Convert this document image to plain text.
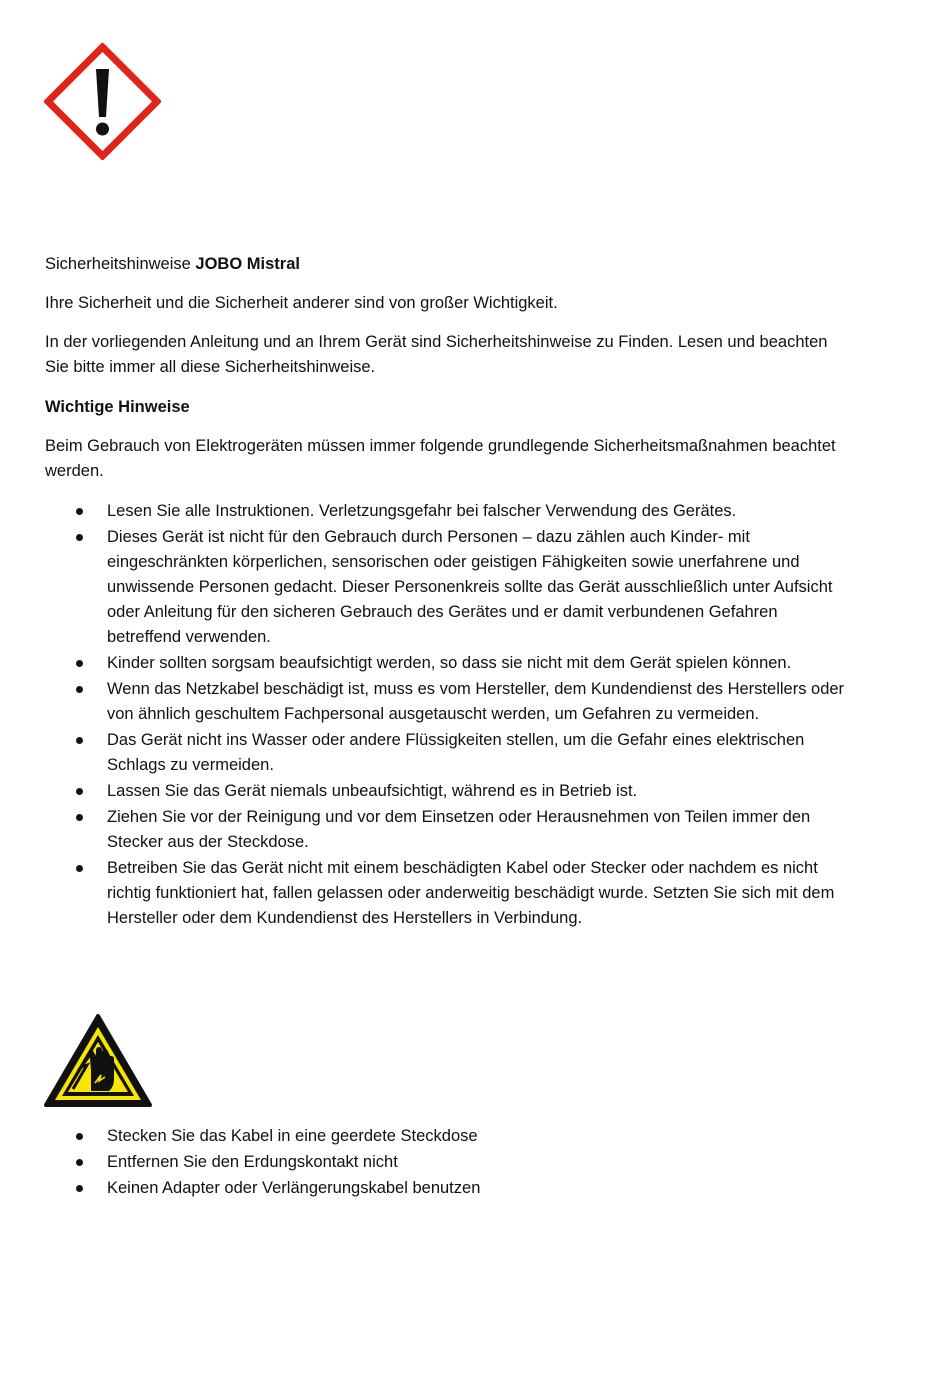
Sicherheitshinweise JOBO Mistral

Ihre Sicherheit und die Sicherheit anderer sind von großer Wichtigkeit.

In der vorliegenden Anleitung und an Ihrem Gerät sind Sicherheitshinweise zu Finden. Lesen und beachten Sie bitte immer all diese Sicherheitshinweise.

Wichtige Hinweise

Beim Gebrauch von Elektrogeräten müssen immer folgende grundlegende Sicherheitsmaßnahmen beachtet werden.

Lesen Sie alle Instruktionen. Verletzungsgefahr bei falscher Verwendung des Gerätes.
Dieses Gerät ist nicht für den Gebrauch durch Personen – dazu zählen auch Kinder- mit eingeschränkten körperlichen, sensorischen oder geistigen Fähigkeiten sowie unerfahrene und unwissende Personen gedacht. Dieser Personenkreis sollte das Gerät ausschließlich unter Aufsicht oder Anleitung für den sicheren Gebrauch des Gerätes und er damit verbundenen Gefahren betreffend verwenden.
Kinder sollten sorgsam beaufsichtigt werden, so dass sie nicht mit dem Gerät spielen können.
Wenn das Netzkabel beschädigt ist, muss es vom Hersteller, dem Kundendienst des Herstellers oder von ähnlich geschultem Fachpersonal ausgetauscht werden, um Gefahren zu vermeiden.
Das Gerät nicht ins Wasser oder andere Flüssigkeiten stellen, um die Gefahr eines elektrischen Schlags zu vermeiden.
Lassen Sie das Gerät niemals unbeaufsichtigt, während es in Betrieb ist.
Ziehen Sie vor der Reinigung und vor dem Einsetzen oder Herausnehmen von Teilen immer den Stecker aus der Steckdose.
Betreiben Sie das Gerät nicht mit einem beschädigten Kabel oder Stecker oder nachdem es nicht richtig funktioniert hat, fallen gelassen oder anderweitig beschädigt wurde. Setzten Sie sich mit dem Hersteller oder dem Kundendienst des Herstellers in Verbindung.
Stecken Sie das Kabel in eine geerdete Steckdose
Entfernen Sie den Erdungskontakt nicht
Keinen Adapter oder Verlängerungskabel benutzen
